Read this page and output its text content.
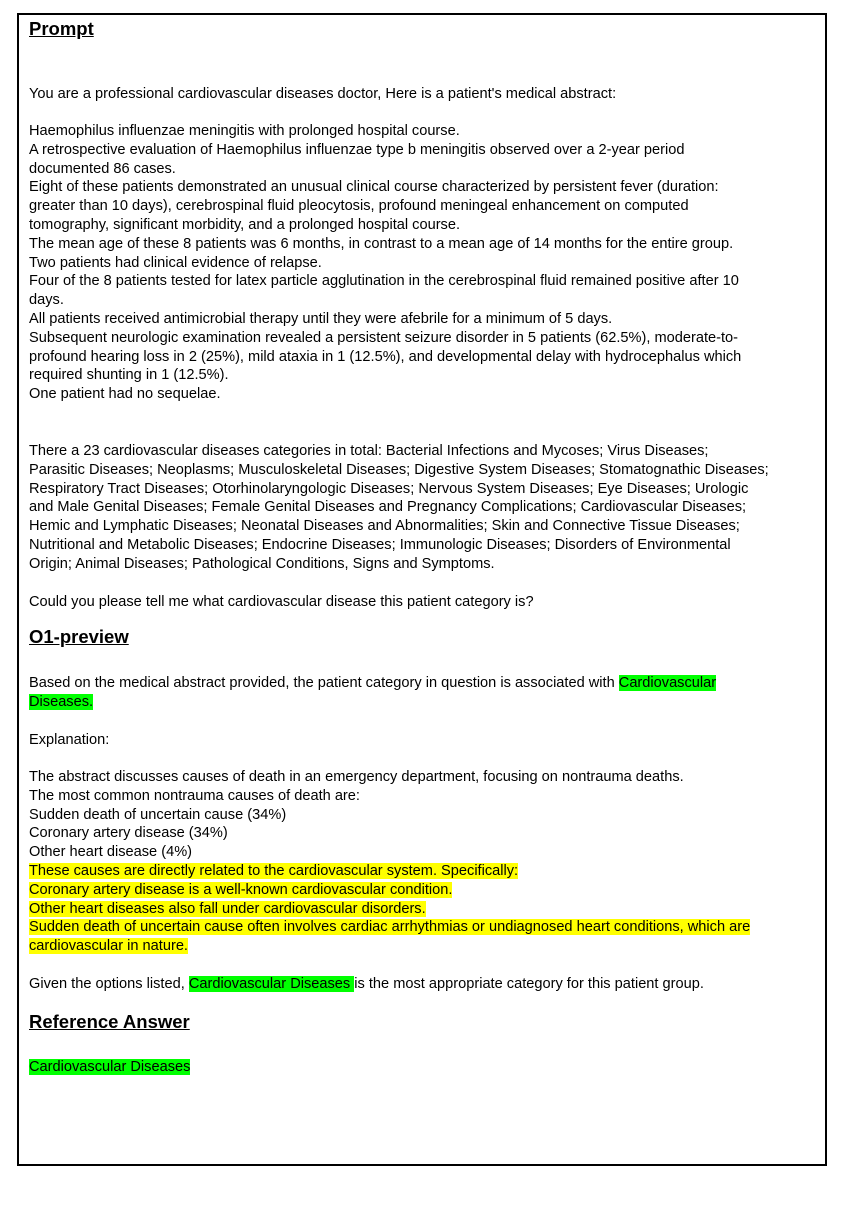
Prompt
You are a professional cardiovascular diseases doctor, Here is a patient's medical abstract:
Haemophilus influenzae meningitis with prolonged hospital course.
A retrospective evaluation of Haemophilus influenzae type b meningitis observed over a 2-year period
documented 86 cases.
Eight of these patients demonstrated an unusual clinical course characterized by persistent fever (duration:
greater than 10 days), cerebrospinal fluid pleocytosis, profound meningeal enhancement on computed
tomography, significant morbidity, and a prolonged hospital course.
The mean age of these 8 patients was 6 months, in contrast to a mean age of 14 months for the entire group.
Two patients had clinical evidence of relapse.
Four of the 8 patients tested for latex particle agglutination in the cerebrospinal fluid remained positive after 10
days.
All patients received antimicrobial therapy until they were afebrile for a minimum of 5 days.
Subsequent neurologic examination revealed a persistent seizure disorder in 5 patients (62.5%), moderate-to-
profound hearing loss in 2 (25%), mild ataxia in 1 (12.5%), and developmental delay with hydrocephalus which
required shunting in 1 (12.5%).
One patient had no sequelae.
There a 23 cardiovascular diseases categories in total: Bacterial Infections and Mycoses; Virus Diseases;
Parasitic Diseases; Neoplasms; Musculoskeletal Diseases; Digestive System Diseases; Stomatognathic Diseases;
Respiratory Tract Diseases; Otorhinolaryngologic Diseases; Nervous System Diseases; Eye Diseases; Urologic
and Male Genital Diseases; Female Genital Diseases and Pregnancy Complications; Cardiovascular Diseases;
Hemic and Lymphatic Diseases; Neonatal Diseases and Abnormalities; Skin and Connective Tissue Diseases;
Nutritional and Metabolic Diseases; Endocrine Diseases; Immunologic Diseases; Disorders of Environmental
Origin; Animal Diseases; Pathological Conditions, Signs and Symptoms.
Could you please tell me what cardiovascular disease this patient category is?
O1-preview
Based on the medical abstract provided, the patient category in question is associated with Cardiovascular
Diseases.
Explanation:
The abstract discusses causes of death in an emergency department, focusing on nontrauma deaths.
The most common nontrauma causes of death are:
Sudden death of uncertain cause (34%)
Coronary artery disease (34%)
Other heart disease (4%)
These causes are directly related to the cardiovascular system. Specifically:
Coronary artery disease is a well-known cardiovascular condition.
Other heart diseases also fall under cardiovascular disorders.
Sudden death of uncertain cause often involves cardiac arrhythmias or undiagnosed heart conditions, which are
cardiovascular in nature.
Given the options listed, Cardiovascular Diseases is the most appropriate category for this patient group.
Reference Answer
Cardiovascular Diseases
